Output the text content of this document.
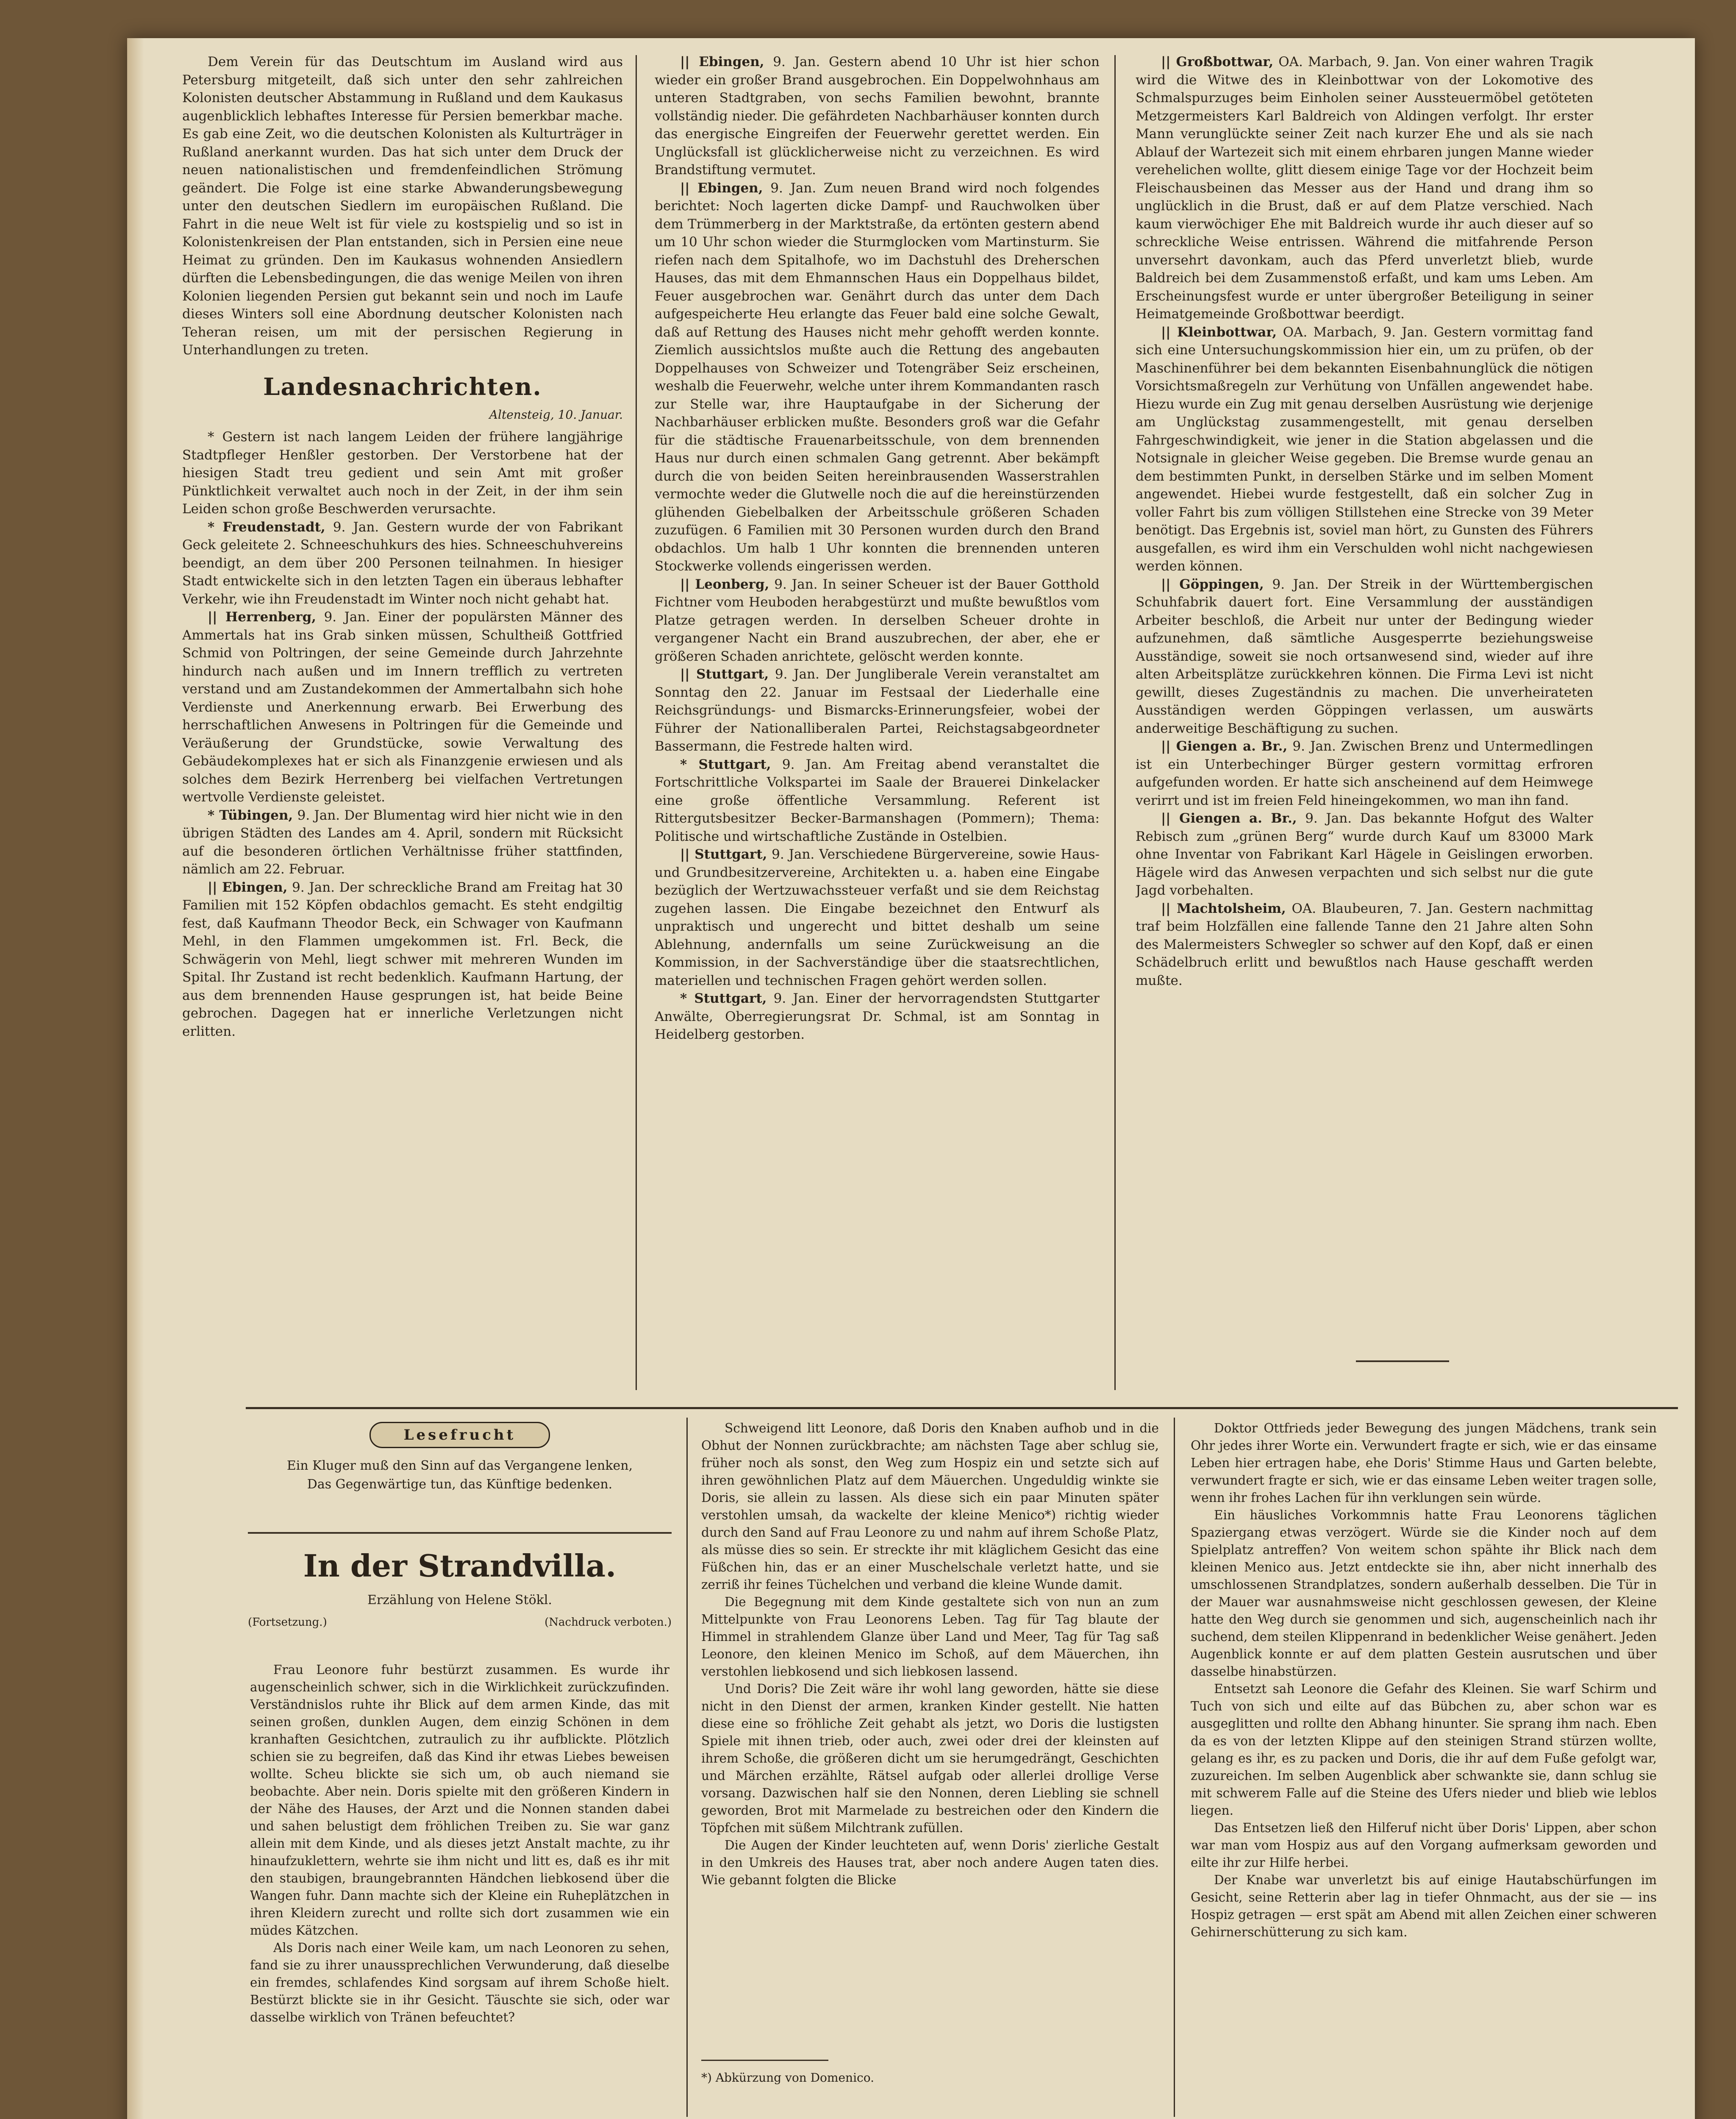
Dem Verein für das Deutschtum im Ausland wird aus Petersburg mitgeteilt, daß sich unter den sehr zahlreichen Kolonisten deutscher Abstammung in Rußland und dem Kaukasus augenblicklich lebhaftes Interesse für Persien bemerkbar mache. Es gab eine Zeit, wo die deutschen Kolonisten als Kulturträger in Rußland anerkannt wurden. Das hat sich unter dem Druck der neuen nationalistischen und fremdenfeindlichen Strömung geändert. Die Folge ist eine starke Abwanderungsbewegung unter den deutschen Siedlern im europäischen Rußland. Die Fahrt in die neue Welt ist für viele zu kostspielig und so ist in Kolonistenkreisen der Plan entstanden, sich in Persien eine neue Heimat zu gründen. Den im Kaukasus wohnenden Ansiedlern dürften die Lebensbedingungen, die das wenige Meilen von ihren Kolonien liegenden Persien gut bekannt sein und noch im Laufe dieses Winters soll eine Abordnung deutscher Kolonisten nach Teheran reisen, um mit der persischen Regierung in Unterhandlungen zu treten.

Landesnachrichten.
Altensteig, 10. Januar.

* Gestern ist nach langem Leiden der frühere langjährige Stadtpfleger Henßler gestorben. Der Verstorbene hat der hiesigen Stadt treu gedient und sein Amt mit großer Pünktlichkeit verwaltet auch noch in der Zeit, in der ihm sein Leiden schon große Beschwerden verursachte.

* Freudenstadt, 9. Jan. Gestern wurde der von Fabrikant Geck geleitete 2. Schneeschuhkurs des hies. Schneeschuhvereins beendigt, an dem über 200 Personen teilnahmen. In hiesiger Stadt entwickelte sich in den letzten Tagen ein überaus lebhafter Verkehr, wie ihn Freudenstadt im Winter noch nicht gehabt hat.

|| Herrenberg, 9. Jan. Einer der populärsten Männer des Ammertals hat ins Grab sinken müssen, Schultheiß Gottfried Schmid von Poltringen, der seine Gemeinde durch Jahrzehnte hindurch nach außen und im Innern trefflich zu vertreten verstand und am Zustandekommen der Ammertalbahn sich hohe Verdienste und Anerkennung erwarb. Bei Erwerbung des herrschaftlichen Anwesens in Poltringen für die Gemeinde und Veräußerung der Grundstücke, sowie Verwaltung des Gebäudekomplexes hat er sich als Finanzgenie erwiesen und als solches dem Bezirk Herrenberg bei vielfachen Vertretungen wertvolle Verdienste geleistet.

* Tübingen, 9. Jan. Der Blumentag wird hier nicht wie in den übrigen Städten des Landes am 4. April, sondern mit Rücksicht auf die besonderen örtlichen Verhältnisse früher stattfinden, nämlich am 22. Februar.

|| Ebingen, 9. Jan. Der schreckliche Brand am Freitag hat 30 Familien mit 152 Köpfen obdachlos gemacht. Es steht endgiltig fest, daß Kaufmann Theodor Beck, ein Schwager von Kaufmann Mehl, in den Flammen umgekommen ist. Frl. Beck, die Schwägerin von Mehl, liegt schwer mit mehreren Wunden im Spital. Ihr Zustand ist recht bedenklich. Kaufmann Hartung, der aus dem brennenden Hause gesprungen ist, hat beide Beine gebrochen. Dagegen hat er innerliche Verletzungen nicht erlitten.

|| Ebingen, 9. Jan. Gestern abend 10 Uhr ist hier schon wieder ein großer Brand ausgebrochen. Ein Doppelwohnhaus am unteren Stadtgraben, von sechs Familien bewohnt, brannte vollständig nieder. Die gefährdeten Nachbarhäuser konnten durch das energische Eingreifen der Feuerwehr gerettet werden. Ein Unglücksfall ist glücklicherweise nicht zu verzeichnen. Es wird Brandstiftung vermutet.

|| Ebingen, 9. Jan. Zum neuen Brand wird noch folgendes berichtet: Noch lagerten dicke Dampf- und Rauchwolken über dem Trümmerberg in der Marktstraße, da ertönten gestern abend um 10 Uhr schon wieder die Sturmglocken vom Martinsturm. Sie riefen nach dem Spitalhofe, wo im Dachstuhl des Dreherschen Hauses, das mit dem Ehmannschen Haus ein Doppelhaus bildet, Feuer ausgebrochen war. Genährt durch das unter dem Dach aufgespeicherte Heu erlangte das Feuer bald eine solche Gewalt, daß auf Rettung des Hauses nicht mehr gehofft werden konnte. Ziemlich aussichtslos mußte auch die Rettung des angebauten Doppelhauses von Schweizer und Totengräber Seiz erscheinen, weshalb die Feuerwehr, welche unter ihrem Kommandanten rasch zur Stelle war, ihre Hauptaufgabe in der Sicherung der Nachbarhäuser erblicken mußte. Besonders groß war die Gefahr für die städtische Frauenarbeitsschule, von dem brennenden Haus nur durch einen schmalen Gang getrennt. Aber bekämpft durch die von beiden Seiten hereinbrausenden Wasserstrahlen vermochte weder die Glutwelle noch die auf die hereinstürzenden glühenden Giebelbalken der Arbeitsschule größeren Schaden zuzufügen. 6 Familien mit 30 Personen wurden durch den Brand obdachlos. Um halb 1 Uhr konnten die brennenden unteren Stockwerke vollends eingerissen werden.

|| Leonberg, 9. Jan. In seiner Scheuer ist der Bauer Gotthold Fichtner vom Heuboden herabgestürzt und mußte bewußtlos vom Platze getragen werden. In derselben Scheuer drohte in vergangener Nacht ein Brand auszubrechen, der aber, ehe er größeren Schaden anrichtete, gelöscht werden konnte.

|| Stuttgart, 9. Jan. Der Jungliberale Verein veranstaltet am Sonntag den 22. Januar im Festsaal der Liederhalle eine Reichsgründungs- und Bismarcks-Erinnerungsfeier, wobei der Führer der Nationalliberalen Partei, Reichstagsabgeordneter Bassermann, die Festrede halten wird.

* Stuttgart, 9. Jan. Am Freitag abend veranstaltet die Fortschrittliche Volkspartei im Saale der Brauerei Dinkelacker eine große öffentliche Versammlung. Referent ist Rittergutsbesitzer Becker-Barmanshagen (Pommern); Thema: Politische und wirtschaftliche Zustände in Ostelbien.

|| Stuttgart, 9. Jan. Verschiedene Bürgervereine, sowie Haus- und Grundbesitzervereine, Architekten u. a. haben eine Eingabe bezüglich der Wertzuwachssteuer verfaßt und sie dem Reichstag zugehen lassen. Die Eingabe bezeichnet den Entwurf als unpraktisch und ungerecht und bittet deshalb um seine Ablehnung, andernfalls um seine Zurückweisung an die Kommission, in der Sachverständige über die staatsrechtlichen, materiellen und technischen Fragen gehört werden sollen.

* Stuttgart, 9. Jan. Einer der hervorragendsten Stuttgarter Anwälte, Oberregierungsrat Dr. Schmal, ist am Sonntag in Heidelberg gestorben.

|| Großbottwar, OA. Marbach, 9. Jan. Von einer wahren Tragik wird die Witwe des in Kleinbottwar von der Lokomotive des Schmalspurzuges beim Einholen seiner Aussteuermöbel getöteten Metzgermeisters Karl Baldreich von Aldingen verfolgt. Ihr erster Mann verunglückte seiner Zeit nach kurzer Ehe und als sie nach Ablauf der Wartezeit sich mit einem ehrbaren jungen Manne wieder verehelichen wollte, glitt diesem einige Tage vor der Hochzeit beim Fleischausbeinen das Messer aus der Hand und drang ihm so unglücklich in die Brust, daß er auf dem Platze verschied. Nach kaum vierwöchiger Ehe mit Baldreich wurde ihr auch dieser auf so schreckliche Weise entrissen. Während die mitfahrende Person unversehrt davonkam, auch das Pferd unverletzt blieb, wurde Baldreich bei dem Zusammenstoß erfaßt, und kam ums Leben. Am Erscheinungsfest wurde er unter übergroßer Beteiligung in seiner Heimatgemeinde Großbottwar beerdigt.

|| Kleinbottwar, OA. Marbach, 9. Jan. Gestern vormittag fand sich eine Untersuchungskommission hier ein, um zu prüfen, ob der Maschinenführer bei dem bekannten Eisenbahnunglück die nötigen Vorsichtsmaßregeln zur Verhütung von Unfällen angewendet habe. Hiezu wurde ein Zug mit genau derselben Ausrüstung wie derjenige am Unglückstag zusammengestellt, mit genau derselben Fahrgeschwindigkeit, wie jener in die Station abgelassen und die Notsignale in gleicher Weise gegeben. Die Bremse wurde genau an dem bestimmten Punkt, in derselben Stärke und im selben Moment angewendet. Hiebei wurde festgestellt, daß ein solcher Zug in voller Fahrt bis zum völligen Stillstehen eine Strecke von 39 Meter benötigt. Das Ergebnis ist, soviel man hört, zu Gunsten des Führers ausgefallen, es wird ihm ein Verschulden wohl nicht nachgewiesen werden können.

|| Göppingen, 9. Jan. Der Streik in der Württembergischen Schuhfabrik dauert fort. Eine Versammlung der ausständigen Arbeiter beschloß, die Arbeit nur unter der Bedingung wieder aufzunehmen, daß sämtliche Ausgesperrte beziehungsweise Ausständige, soweit sie noch ortsanwesend sind, wieder auf ihre alten Arbeitsplätze zurückkehren können. Die Firma Levi ist nicht gewillt, dieses Zugeständnis zu machen. Die unverheirateten Ausständigen werden Göppingen verlassen, um auswärts anderweitige Beschäftigung zu suchen.

|| Giengen a. Br., 9. Jan. Zwischen Brenz und Untermedlingen ist ein Unterbechinger Bürger gestern vormittag erfroren aufgefunden worden. Er hatte sich anscheinend auf dem Heimwege verirrt und ist im freien Feld hineingekommen, wo man ihn fand.

|| Giengen a. Br., 9. Jan. Das bekannte Hofgut des Walter Rebisch zum „grünen Berg“ wurde durch Kauf um 83000 Mark ohne Inventar von Fabrikant Karl Hägele in Geislingen erworben. Hägele wird das Anwesen verpachten und sich selbst nur die gute Jagd vorbehalten.

|| Machtolsheim, OA. Blaubeuren, 7. Jan. Gestern nachmittag traf beim Holzfällen eine fallende Tanne den 21 Jahre alten Sohn des Malermeisters Schwegler so schwer auf den Kopf, daß er einen Schädelbruch erlitt und bewußtlos nach Hause geschafft werden mußte.

Lesefrucht
Ein Kluger muß den Sinn auf das Vergangene lenken,
Das Gegenwärtige tun, das Künftige bedenken.
In der Strandvilla.
Erzählung von Helene Stökl.
(Fortsetzung.)	(Nachdruck verboten.)

Frau Leonore fuhr bestürzt zusammen. Es wurde ihr augenscheinlich schwer, sich in die Wirklichkeit zurückzufinden. Verständnislos ruhte ihr Blick auf dem armen Kinde, das mit seinen großen, dunklen Augen, dem einzig Schönen in dem kranhaften Gesichtchen, zutraulich zu ihr aufblickte. Plötzlich schien sie zu begreifen, daß das Kind ihr etwas Liebes beweisen wollte. Scheu blickte sie sich um, ob auch niemand sie beobachte. Aber nein. Doris spielte mit den größeren Kindern in der Nähe des Hauses, der Arzt und die Nonnen standen dabei und sahen belustigt dem fröhlichen Treiben zu. Sie war ganz allein mit dem Kinde, und als dieses jetzt Anstalt machte, zu ihr hinaufzuklettern, wehrte sie ihm nicht und litt es, daß es ihr mit den staubigen, braungebrannten Händchen liebkosend über die Wangen fuhr. Dann machte sich der Kleine ein Ruheplätzchen in ihren Kleidern zurecht und rollte sich dort zusammen wie ein müdes Kätzchen.

Als Doris nach einer Weile kam, um nach Leonoren zu sehen, fand sie zu ihrer unaussprechlichen Verwunderung, daß dieselbe ein fremdes, schlafendes Kind sorgsam auf ihrem Schoße hielt. Bestürzt blickte sie in ihr Gesicht. Täuschte sie sich, oder war dasselbe wirklich von Tränen befeuchtet?

Schweigend litt Leonore, daß Doris den Knaben aufhob und in die Obhut der Nonnen zurückbrachte; am nächsten Tage aber schlug sie, früher noch als sonst, den Weg zum Hospiz ein und setzte sich auf ihren gewöhnlichen Platz auf dem Mäuerchen. Ungeduldig winkte sie Doris, sie allein zu lassen. Als diese sich ein paar Minuten später verstohlen umsah, da wackelte der kleine Menico*) richtig wieder durch den Sand auf Frau Leonore zu und nahm auf ihrem Schoße Platz, als müsse dies so sein. Er streckte ihr mit kläglichem Gesicht das eine Füßchen hin, das er an einer Muschelschale verletzt hatte, und sie zerriß ihr feines Tüchelchen und verband die kleine Wunde damit.

Die Begegnung mit dem Kinde gestaltete sich von nun an zum Mittelpunkte von Frau Leonorens Leben. Tag für Tag blaute der Himmel in strahlendem Glanze über Land und Meer, Tag für Tag saß Leonore, den kleinen Menico im Schoß, auf dem Mäuerchen, ihn verstohlen liebkosend und sich liebkosen lassend.

Und Doris? Die Zeit wäre ihr wohl lang geworden, hätte sie diese nicht in den Dienst der armen, kranken Kinder gestellt. Nie hatten diese eine so fröhliche Zeit gehabt als jetzt, wo Doris die lustigsten Spiele mit ihnen trieb, oder auch, zwei oder drei der kleinsten auf ihrem Schoße, die größeren dicht um sie herumgedrängt, Geschichten und Märchen erzählte, Rätsel aufgab oder allerlei drollige Verse vorsang. Dazwischen half sie den Nonnen, deren Liebling sie schnell geworden, Brot mit Marmelade zu bestreichen oder den Kindern die Töpfchen mit süßem Milchtrank zufüllen.

Die Augen der Kinder leuchteten auf, wenn Doris' zierliche Gestalt in den Umkreis des Hauses trat, aber noch andere Augen taten dies. Wie gebannt folgten die Blicke

*) Abkürzung von Domenico.

Doktor Ottfrieds jeder Bewegung des jungen Mädchens, trank sein Ohr jedes ihrer Worte ein. Verwundert fragte er sich, wie er das einsame Leben hier ertragen habe, ehe Doris' Stimme Haus und Garten belebte, verwundert fragte er sich, wie er das einsame Leben weiter tragen solle, wenn ihr frohes Lachen für ihn verklungen sein würde.

Ein häusliches Vorkommnis hatte Frau Leonorens täglichen Spaziergang etwas verzögert. Würde sie die Kinder noch auf dem Spielplatz antreffen? Von weitem schon spähte ihr Blick nach dem kleinen Menico aus. Jetzt entdeckte sie ihn, aber nicht innerhalb des umschlossenen Strandplatzes, sondern außerhalb desselben. Die Tür in der Mauer war ausnahmsweise nicht geschlossen gewesen, der Kleine hatte den Weg durch sie genommen und sich, augenscheinlich nach ihr suchend, dem steilen Klippenrand in bedenklicher Weise genähert. Jeden Augenblick konnte er auf dem platten Gestein ausrutschen und über dasselbe hinabstürzen.

Entsetzt sah Leonore die Gefahr des Kleinen. Sie warf Schirm und Tuch von sich und eilte auf das Bübchen zu, aber schon war es ausgeglitten und rollte den Abhang hinunter. Sie sprang ihm nach. Eben da es von der letzten Klippe auf den steinigen Strand stürzen wollte, gelang es ihr, es zu packen und Doris, die ihr auf dem Fuße gefolgt war, zuzureichen. Im selben Augenblick aber schwankte sie, dann schlug sie mit schwerem Falle auf die Steine des Ufers nieder und blieb wie leblos liegen.

Das Entsetzen ließ den Hilferuf nicht über Doris' Lippen, aber schon war man vom Hospiz aus auf den Vorgang aufmerksam geworden und eilte ihr zur Hilfe herbei.

Der Knabe war unverletzt bis auf einige Hautabschürfungen im Gesicht, seine Retterin aber lag in tiefer Ohnmacht, aus der sie — ins Hospiz getragen — erst spät am Abend mit allen Zeichen einer schweren Gehirnerschütterung zu sich kam.
